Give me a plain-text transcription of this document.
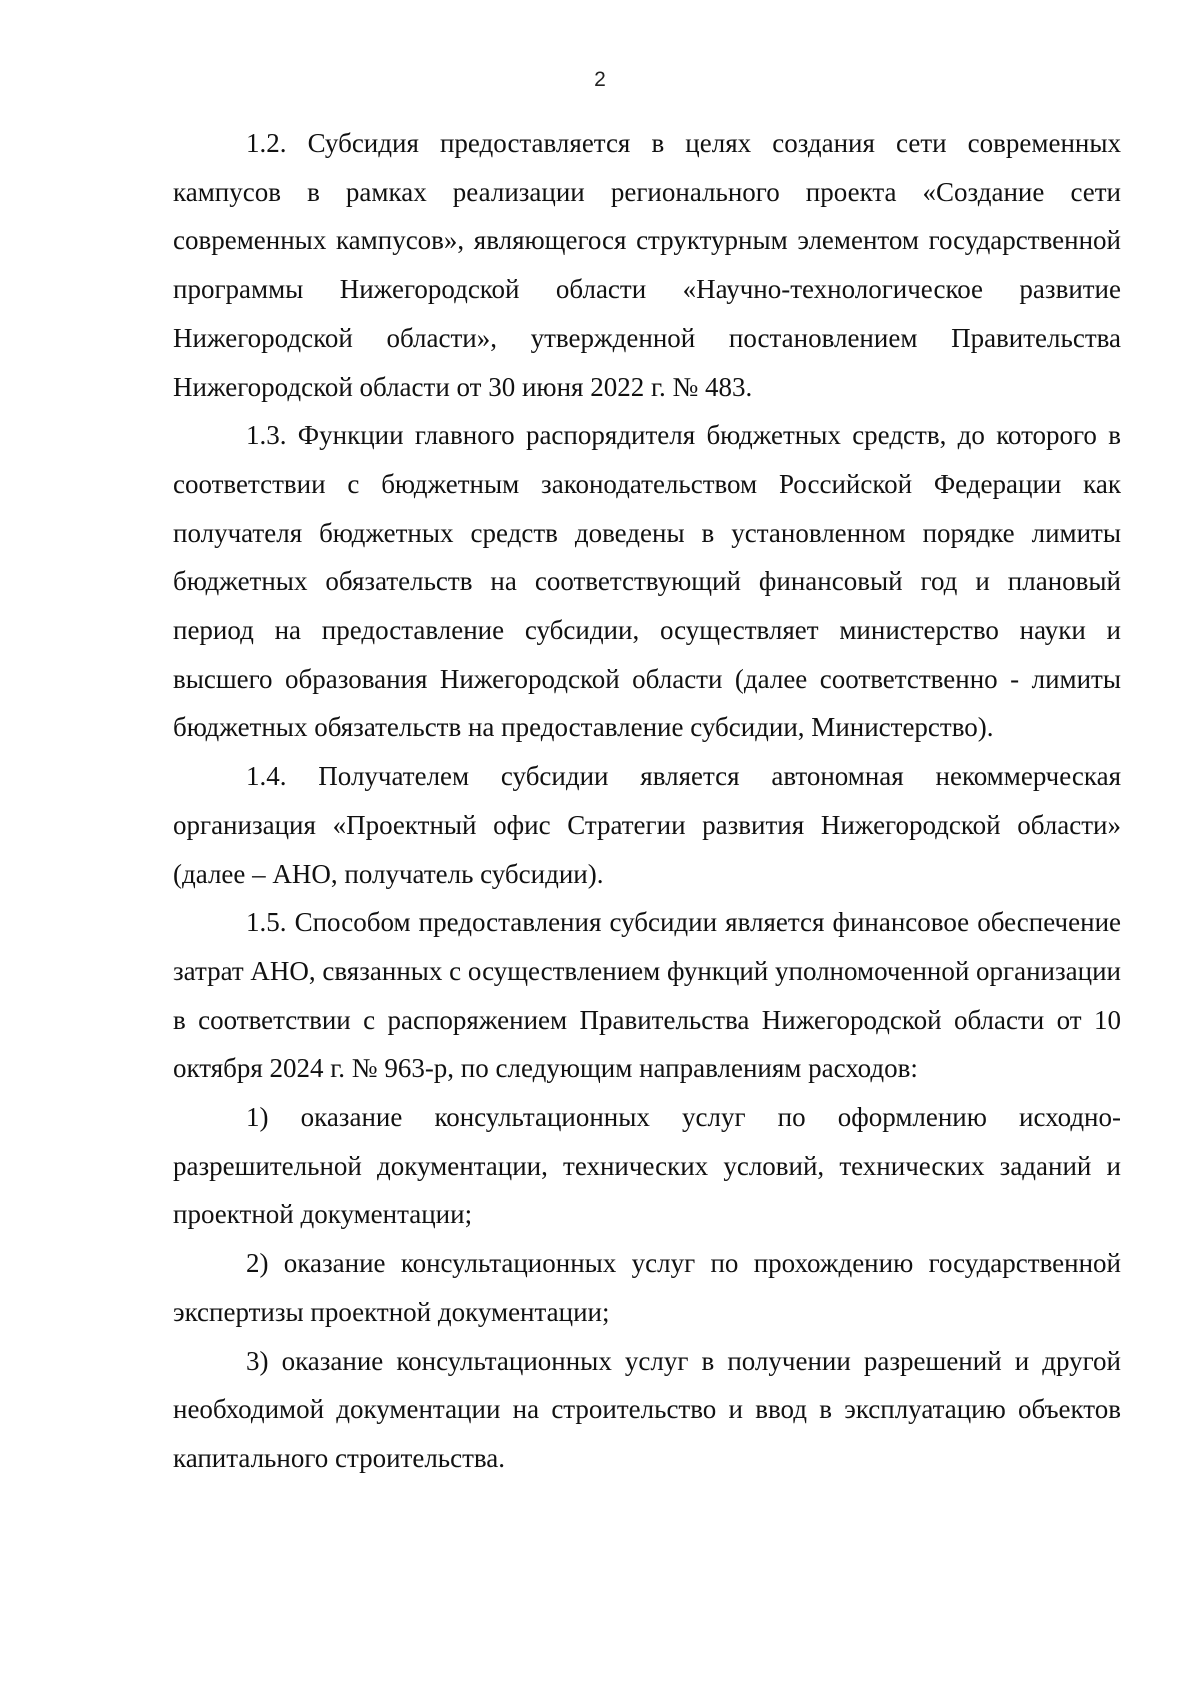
2

1.2. Субсидия предоставляется в целях создания сети современных кампусов в рамках реализации регионального проекта «Создание сети современных кампусов», являющегося структурным элементом государственной программы Нижегородской области «Научно-технологическое развитие Нижегородской области», утвержденной постановлением Правительства Нижегородской области от 30 июня 2022 г. № 483.

1.3. Функции главного распорядителя бюджетных средств, до которого в соответствии с бюджетным законодательством Российской Федерации как получателя бюджетных средств доведены в установленном порядке лимиты бюджетных обязательств на соответствующий финансовый год и плановый период на предоставление субсидии, осуществляет министерство науки и высшего образования Нижегородской области (далее соответственно - лимиты бюджетных обязательств на предоставление субсидии, Министерство).

1.4. Получателем субсидии является автономная некоммерческая организация «Проектный офис Стратегии развития Нижегородской области» (далее – АНО, получатель субсидии).

1.5. Способом предоставления субсидии является финансовое обеспечение затрат АНО, связанных с осуществлением функций уполномоченной организации в соответствии с распоряжением Правительства Нижегородской области от 10 октября 2024 г. № 963-р, по следующим направлениям расходов:

1) оказание консультационных услуг по оформлению исходно-разрешительной документации, технических условий, технических заданий и проектной документации;

2) оказание консультационных услуг по прохождению государственной экспертизы проектной документации;

3) оказание консультационных услуг в получении разрешений и другой необходимой документации на строительство и ввод в эксплуатацию объектов капитального строительства.
